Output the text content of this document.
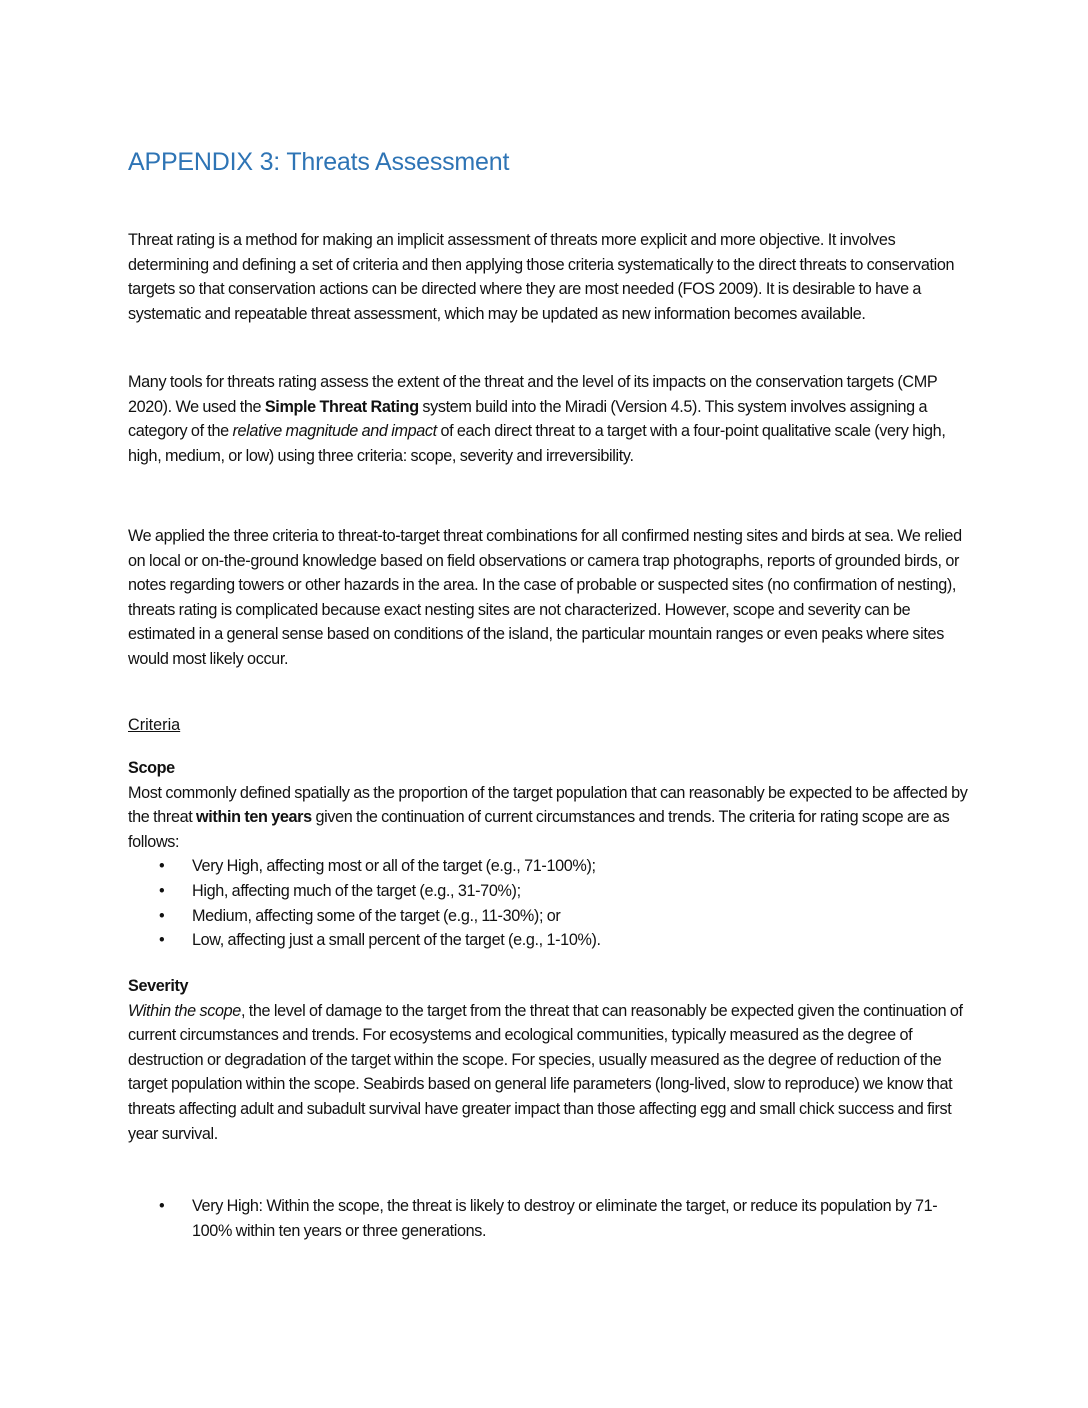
APPENDIX 3: Threats Assessment

Threat rating is a method for making an implicit assessment of threats more explicit and more objective. It involves determining and defining a set of criteria and then applying those criteria systematically to the direct threats to conservation targets so that conservation actions can be directed where they are most needed (FOS 2009). It is desirable to have a systematic and repeatable threat assessment, which may be updated as new information becomes available.

Many tools for threats rating assess the extent of the threat and the level of its impacts on the conservation targets (CMP 2020). We used the Simple Threat Rating system build into the Miradi (Version 4.5). This system involves assigning a category of the relative magnitude and impact of each direct threat to a target with a four-point qualitative scale (very high, high, medium, or low) using three criteria: scope, severity and irreversibility.

We applied the three criteria to threat-to-target threat combinations for all confirmed nesting sites and birds at sea. We relied on local or on-the-ground knowledge based on field observations or camera trap photographs, reports of grounded birds, or notes regarding towers or other hazards in the area. In the case of probable or suspected sites (no confirmation of nesting), threats rating is complicated because exact nesting sites are not characterized. However, scope and severity can be estimated in a general sense based on conditions of the island, the particular mountain ranges or even peaks where sites would most likely occur.

Criteria

Scope
Most commonly defined spatially as the proportion of the target population that can reasonably be expected to be affected by the threat within ten years given the continuation of current circumstances and trends. The criteria for rating scope are as follows:
• Very High, affecting most or all of the target (e.g., 71-100%);
• High, affecting much of the target (e.g., 31-70%);
• Medium, affecting some of the target (e.g., 11-30%); or
• Low, affecting just a small percent of the target (e.g., 1-10%).
Severity
Within the scope, the level of damage to the target from the threat that can reasonably be expected given the continuation of current circumstances and trends. For ecosystems and ecological communities, typically measured as the degree of destruction or degradation of the target within the scope. For species, usually measured as the degree of reduction of the target population within the scope. Seabirds based on general life parameters (long-lived, slow to reproduce) we know that threats affecting adult and subadult survival have greater impact than those affecting egg and small chick success and first year survival.
• Very High: Within the scope, the threat is likely to destroy or eliminate the target, or reduce its population by 71-100% within ten years or three generations.
